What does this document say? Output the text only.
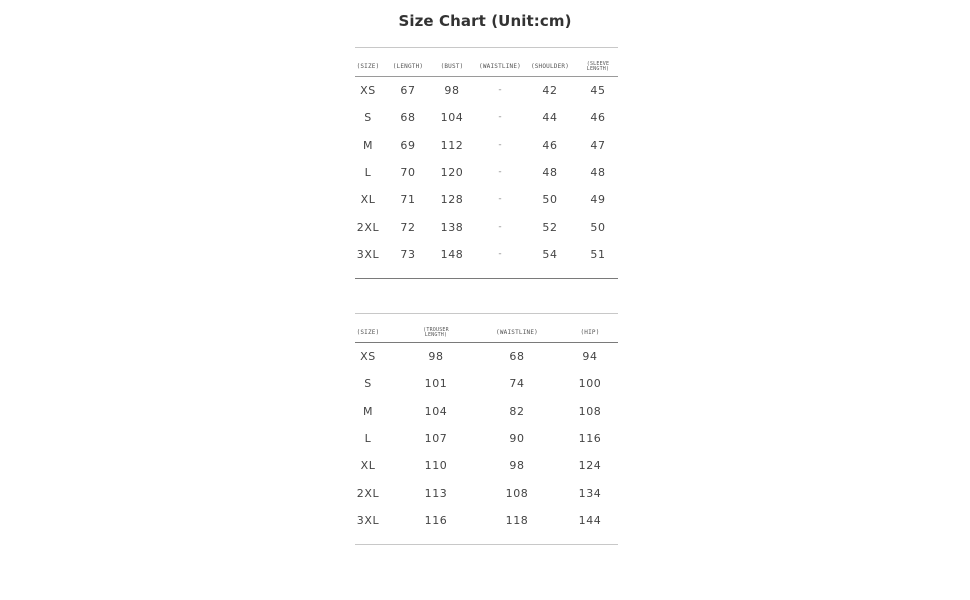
Size Chart (Unit:cm)
(SIZE) (LENGTH)	(BUST)	(WAISTLINE) (SHOULDER)	(SLEEVE LENGTH)
XS 67	98	-	42	45
S	68 104	-	44	46
M 69 112	-	46	47
L	70 120	-	48	48
XL 71 128	-	50	49
2XL 72 138	-	52	50
3XL 73 148	-	54	51
(SIZE)	(TROUSER LENGTH)	(WAISTLINE)	(HIP)
XS	98	68	94
S	101	74	100
M	104	82	108
L	107	90	116
XL	110	98	124
2XL	113	108	134
3XL	116	118	144
